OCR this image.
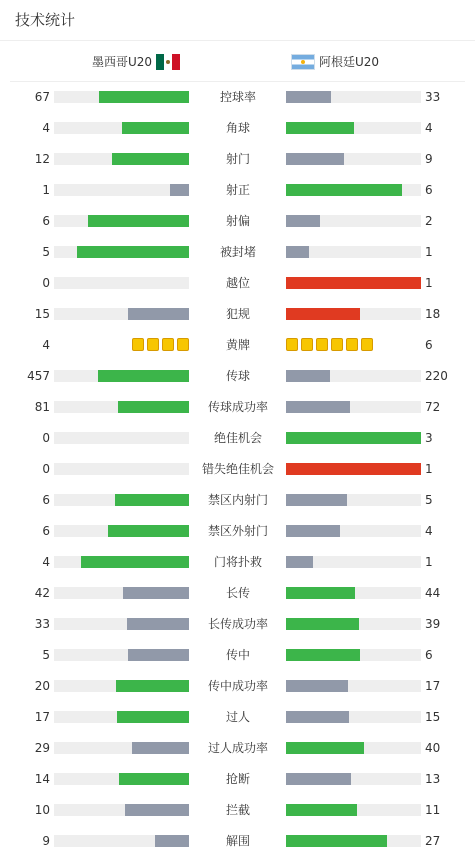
技术统计
墨西哥U20	阿根廷U20
67	控球率	33
4	角球	4
12	射门	9
1	射正	6
6	射偏	2
5	被封堵	1
0	越位	1
15	犯规	18
4	黄牌	6
457	传球	220
81	传球成功率	72
0	绝佳机会	3
0	错失绝佳机会	1
6	禁区内射门	5
6	禁区外射门	4
4	门将扑救	1
42	长传	44
33	长传成功率	39
5	传中	6
20	传中成功率	17
17	过人	15
29	过人成功率	40
14	抢断	13
10	拦截	11
9	解围	27
